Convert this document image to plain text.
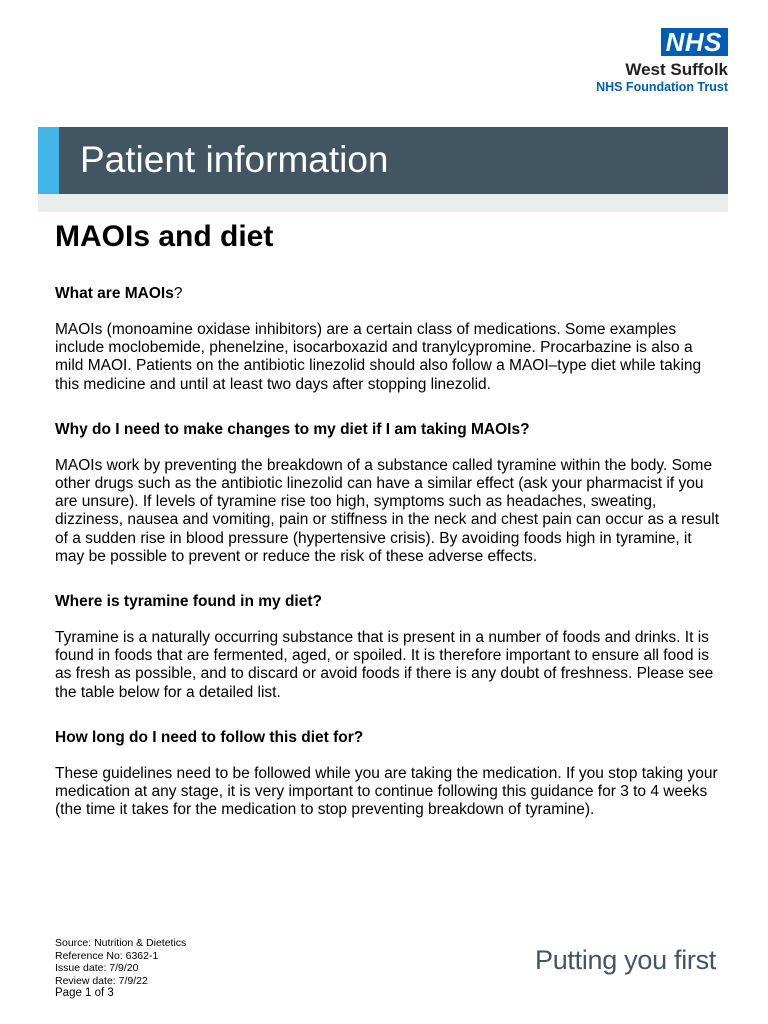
NHS
West Suffolk
NHS Foundation Trust
Patient information
MAOIs and diet
What are MAOIs?

MAOIs (monoamine oxidase inhibitors) are a certain class of medications. Some examples include moclobemide, phenelzine, isocarboxazid and tranylcypromine. Procarbazine is also a mild MAOI. Patients on the antibiotic linezolid should also follow a MAOI–type diet while taking this medicine and until at least two days after stopping linezolid.

Why do I need to make changes to my diet if I am taking MAOIs?

MAOIs work by preventing the breakdown of a substance called tyramine within the body. Some other drugs such as the antibiotic linezolid can have a similar effect (ask your pharmacist if you are unsure). If levels of tyramine rise too high, symptoms such as headaches, sweating, dizziness, nausea and vomiting, pain or stiffness in the neck and chest pain can occur as a result of a sudden rise in blood pressure (hypertensive crisis). By avoiding foods high in tyramine, it may be possible to prevent or reduce the risk of these adverse effects.

Where is tyramine found in my diet?

Tyramine is a naturally occurring substance that is present in a number of foods and drinks. It is found in foods that are fermented, aged, or spoiled. It is therefore important to ensure all food is as fresh as possible, and to discard or avoid foods if there is any doubt of freshness. Please see the table below for a detailed list.

How long do I need to follow this diet for?

These guidelines need to be followed while you are taking the medication. If you stop taking your medication at any stage, it is very important to continue following this guidance for 3 to 4 weeks (the time it takes for the medication to stop preventing breakdown of tyramine).

Source: Nutrition & Dietetics
Reference No: 6362-1
Issue date: 7/9/20
Review date: 7/9/22
Page 1 of 3
Putting you first
